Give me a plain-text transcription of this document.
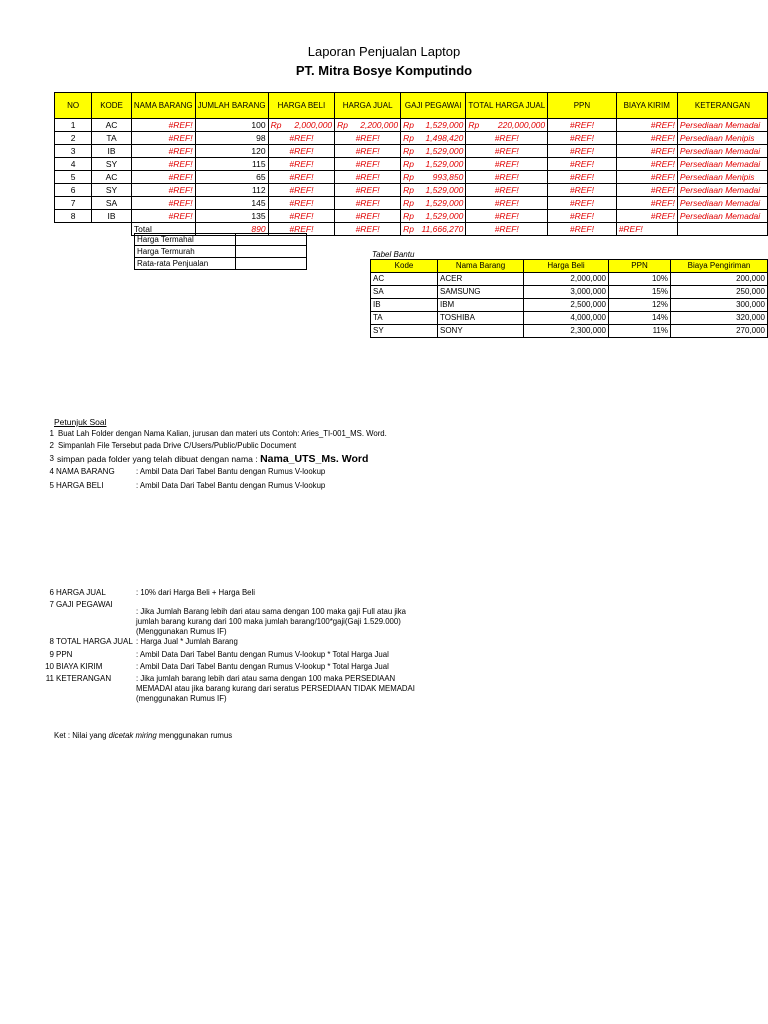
Laporan Penjualan Laptop
PT. Mitra Bosye Komputindo
NO	KODE	NAMA BARANG	JUMLAH BARANG	HARGA BELI	HARGA JUAL	GAJI PEGAWAI	TOTAL HARGA JUAL	PPN	BIAYA KIRIM	KETERANGAN
1	AC	#REF!	100	Rp 2,000,000	Rp 2,200,000	Rp 1,529,000	Rp 220,000,000	#REF!	#REF!	Persediaan Memadai
2	TA	#REF!	98	#REF!	#REF!	Rp 1,498,420	#REF!	#REF!	#REF!	Persediaan Menipis
3	IB	#REF!	120	#REF!	#REF!	Rp 1,529,000	#REF!	#REF!	#REF!	Persediaan Memadai
4	SY	#REF!	115	#REF!	#REF!	Rp 1,529,000	#REF!	#REF!	#REF!	Persediaan Memadai
5	AC	#REF!	65	#REF!	#REF!	Rp 993,850	#REF!	#REF!	#REF!	Persediaan Menipis
6	SY	#REF!	112	#REF!	#REF!	Rp 1,529,000	#REF!	#REF!	#REF!	Persediaan Memadai
7	SA	#REF!	145	#REF!	#REF!	Rp 1,529,000	#REF!	#REF!	#REF!	Persediaan Memadai
8	IB	#REF!	135	#REF!	#REF!	Rp 1,529,000	#REF!	#REF!	#REF!	Persediaan Memadai
		Total	890	#REF!	#REF!	Rp 11,666,270	#REF!	#REF!	#REF!	
Harga Termahal	
Harga Termurah	
Rata-rata Penjualan	
Tabel Bantu
Kode	Nama Barang	Harga Beli	PPN	Biaya Pengiriman
AC	ACER	2,000,000	10%	200,000
SA	SAMSUNG	3,000,000	15%	250,000
IB	IBM	2,500,000	12%	300,000
TA	TOSHIBA	4,000,000	14%	320,000
SY	SONY	2,300,000	11%	270,000
Petunjuk Soal
1 Buat Lah Folder dengan Nama Kalian, jurusan dan materi uts Contoh: Aries_TI-001_MS. Word.
2 Simpanlah File Tersebut pada Drive C/Users/Public/Public Document
3 simpan pada folder yang telah dibuat dengan nama : Nama_UTS_Ms. Word
4 NAMA BARANG	: Ambil Data Dari Tabel Bantu dengan Rumus V-lookup
5 HARGA BELI	: Ambil Data Dari Tabel Bantu dengan Rumus V-lookup
6 HARGA JUAL	: 10% dari Harga Beli + Harga Beli
7 GAJI PEGAWAI
: Jika Jumlah Barang lebih dari atau sama dengan 100 maka gaji Full atau jika
jumlah barang kurang dari 100 maka jumlah barang/100*gaji(Gaji 1.529.000)
(Menggunakan Rumus IF)
8 TOTAL HARGA JUAL : Harga Jual * Jumlah Barang
9 PPN	: Ambil Data Dari Tabel Bantu dengan Rumus V-lookup * Total Harga Jual
10 BIAYA KIRIM	: Ambil Data Dari Tabel Bantu dengan Rumus V-lookup * Total Harga Jual
11 KETERANGAN	: Jika jumlah barang lebih dari atau sama dengan 100 maka PERSEDIAAN
MEMADAI atau jika barang kurang dari seratus PERSEDIAAN TIDAK MEMADAI
(menggunakan Rumus IF)
Ket : Nilai yang dicetak miring menggunakan rumus
